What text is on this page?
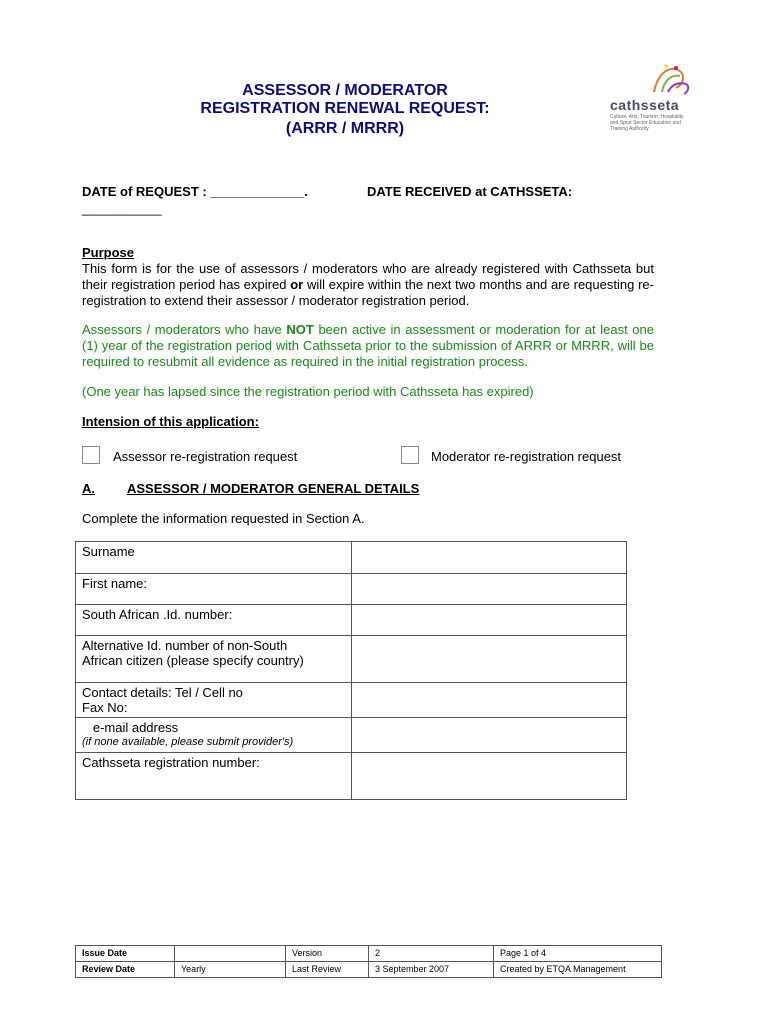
ASSESSOR / MODERATOR
REGISTRATION RENEWAL REQUEST:
(ARRR / MRRR)
cathsseta
Culture, Arts, Tourism, Hospitality and Sport Sector Education and Training Authority
DATE of REQUEST : _____________.	DATE RECEIVED at CATHSSETA:
___________
Purpose
This form is for the use of assessors / moderators who are already registered with Cathsseta but their registration period has expired or will expire within the next two months and are requesting re-registration to extend their assessor / moderator registration period.
Assessors / moderators who have NOT been active in assessment or moderation for at least one (1) year of the registration period with Cathsseta prior to the submission of ARRR or MRRR, will be required to resubmit all evidence as required in the initial registration process.
(One year has lapsed since the registration period with Cathsseta has expired)
Intension of this application:
Assessor re-registration request	Moderator re-registration request
A. ASSESSOR / MODERATOR GENERAL DETAILS
Complete the information requested in Section A.
Surname	
First name:	
South African .Id. number:	

Alternative Id. number of non-South
African citizen (please specify country)	

Contact details: Tel / Cell no
Fax No:	

e-mail address
(if none available, please submit provider's)	

Cathsseta registration number:	
Issue Date		Version	2	Page 1 of 4
Review Date	Yearly	Last Review	3 September 2007	Created by ETQA Management
